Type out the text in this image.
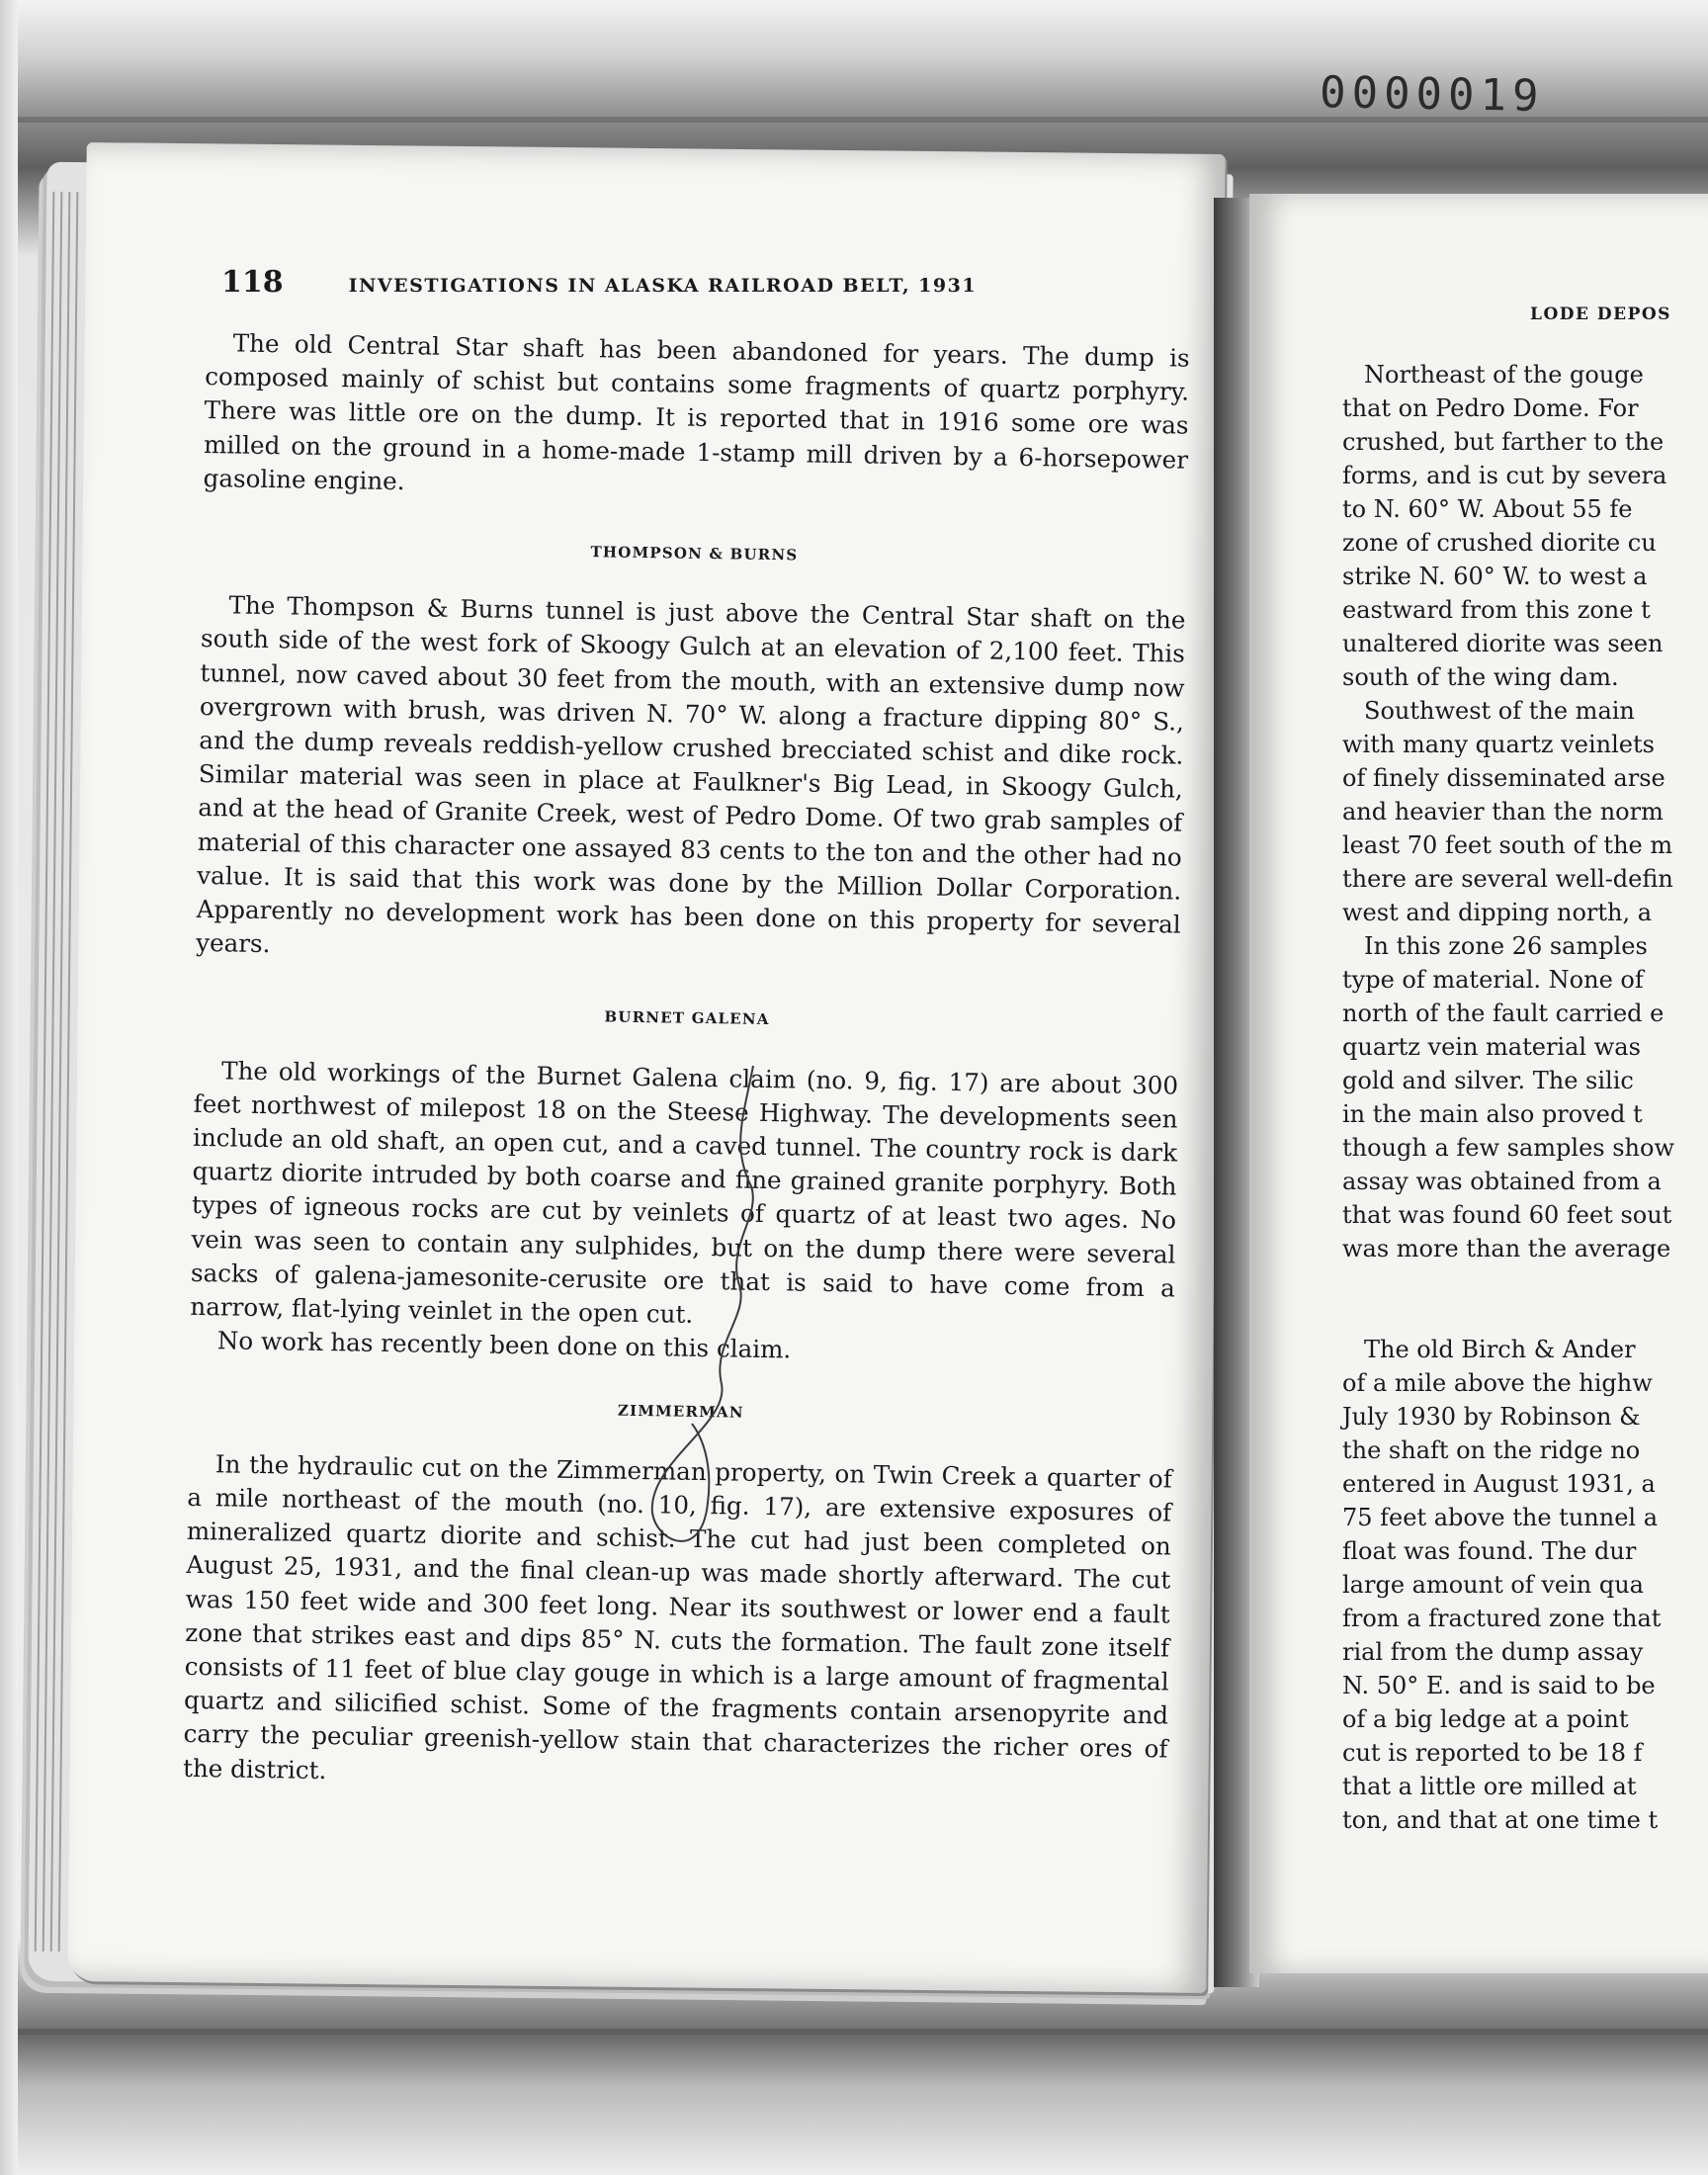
0000019
118	INVESTIGATIONS IN ALASKA RAILROAD BELT, 1931

The old Central Star shaft has been abandoned for years. The dump is composed mainly of schist but contains some fragments of quartz porphyry. There was little ore on the dump. It is reported that in 1916 some ore was milled on the ground in a home-made 1-stamp mill driven by a 6-horsepower gasoline engine.

THOMPSON & BURNS

The Thompson & Burns tunnel is just above the Central Star shaft on the south side of the west fork of Skoogy Gulch at an elevation of 2,100 feet. This tunnel, now caved about 30 feet from the mouth, with an extensive dump now overgrown with brush, was driven N. 70° W. along a fracture dipping 80° S., and the dump reveals reddish-yellow crushed brecciated schist and dike rock. Similar material was seen in place at Faulkner's Big Lead, in Skoogy Gulch, and at the head of Granite Creek, west of Pedro Dome. Of two grab samples of material of this character one assayed 83 cents to the ton and the other had no value. It is said that this work was done by the Million Dollar Corporation. Apparently no development work has been done on this property for several years.

BURNET GALENA

The old workings of the Burnet Galena claim (no. 9, fig. 17) are about 300 feet northwest of milepost 18 on the Steese Highway. The developments seen include an old shaft, an open cut, and a caved tunnel. The country rock is dark quartz diorite intruded by both coarse and fine grained granite porphyry. Both types of igneous rocks are cut by veinlets of quartz of at least two ages. No vein was seen to contain any sulphides, but on the dump there were several sacks of galena-jamesonite-cerusite ore that is said to have come from a narrow, flat-lying veinlet in the open cut.

No work has recently been done on this claim.

ZIMMERMAN

In the hydraulic cut on the Zimmerman property, on Twin Creek a quarter of a mile northeast of the mouth (no. 10, fig. 17), are extensive exposures of mineralized quartz diorite and schist. The cut had just been completed on August 25, 1931, and the final clean-up was made shortly afterward. The cut was 150 feet wide and 300 feet long. Near its southwest or lower end a fault zone that strikes east and dips 85° N. cuts the formation. The fault zone itself consists of 11 feet of blue clay gouge in which is a large amount of fragmental quartz and silicified schist. Some of the fragments contain arsenopyrite and carry the peculiar greenish-yellow stain that characterizes the richer ores of the district.

LODE DEPOS
Northeast of the gouge
that on Pedro Dome. For
crushed, but farther to the
forms, and is cut by severa
to N. 60° W. About 55 fe
zone of crushed diorite cu
strike N. 60° W. to west a
eastward from this zone t
unaltered diorite was seen
south of the wing dam.
Southwest of the main
with many quartz veinlets
of finely disseminated arse
and heavier than the norm
least 70 feet south of the m
there are several well-defin
west and dipping north, a
In this zone 26 samples
type of material. None of
north of the fault carried e
quartz vein material was
gold and silver. The silic
in the main also proved t
though a few samples show
assay was obtained from a
that was found 60 feet sout
was more than the average
The old Birch & Ander
of a mile above the highw
July 1930 by Robinson &
the shaft on the ridge no
entered in August 1931, a
75 feet above the tunnel a
float was found. The dur
large amount of vein qua
from a fractured zone that
rial from the dump assay
N. 50° E. and is said to be
of a big ledge at a point
cut is reported to be 18 f
that a little ore milled at
ton, and that at one time t
